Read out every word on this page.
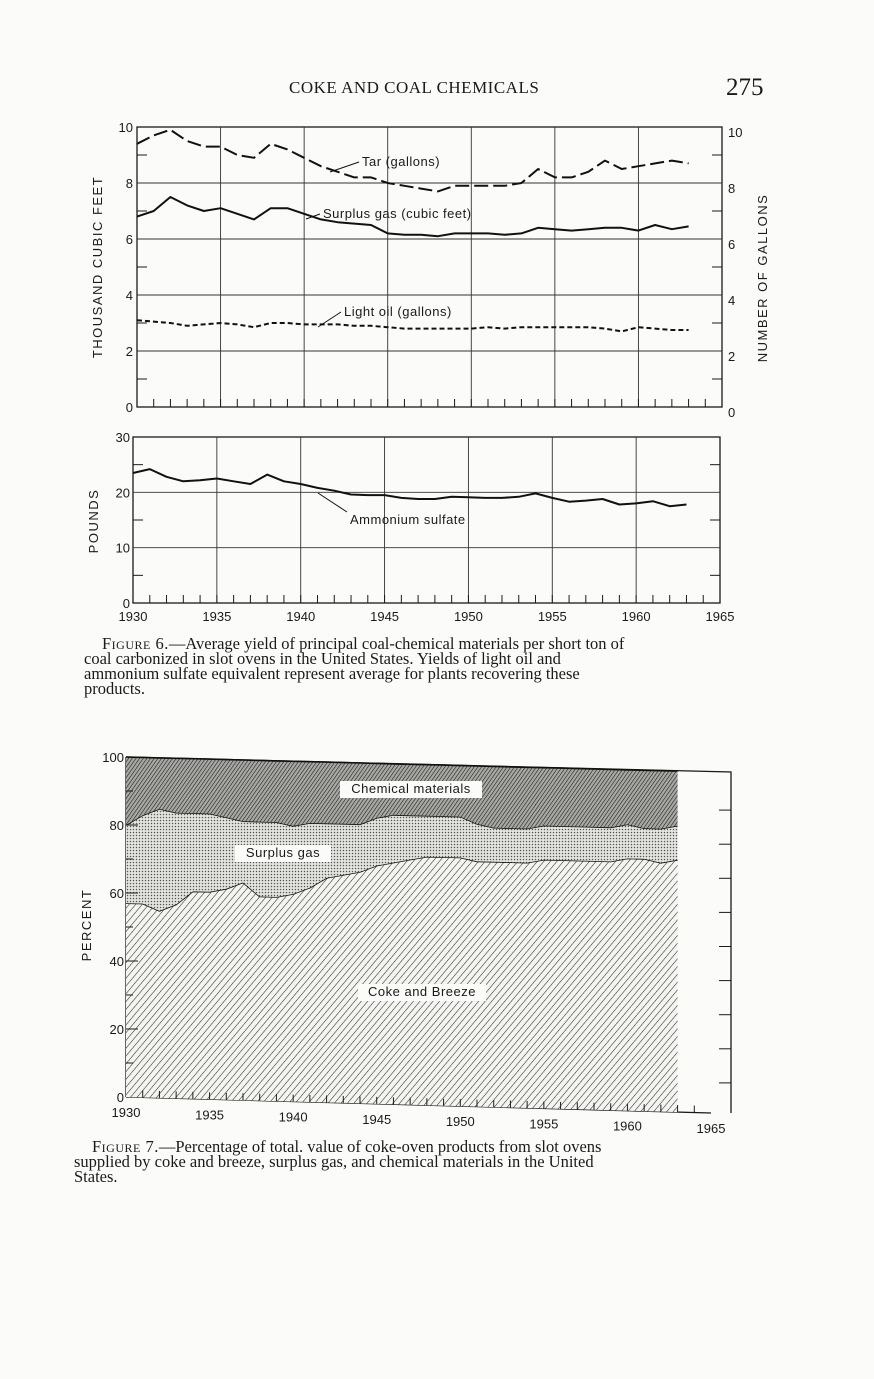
COKE AND COAL CHEMICALS	275
0
2
4
6
8
10
0
2
4
6
8
10
THOUSAND CUBIC FEET	NUMBER OF GALLONS
Tar (gallons)
Surplus gas (cubic feet)
Light oil (gallons)
0
10
20
30
1930	1935	1940	1945	1950	1955	1960	1965
POUNDS	Ammonium sulfate
0
20
40
60
80
100
1930	1935	1940	1945	1950	1955	1960	1965
PERCENT
Chemical materials
Surplus gas
Coke and Breeze

Figure 6.—Average yield of principal coal-chemical materials per short ton of
coal carbonized in slot ovens in the United States. Yields of light oil and
ammonium sulfate equivalent represent average for plants recovering these
products.

Figure 7.—Percentage of total. value of coke-oven products from slot ovens
supplied by coke and breeze, surplus gas, and chemical materials in the United
States.
